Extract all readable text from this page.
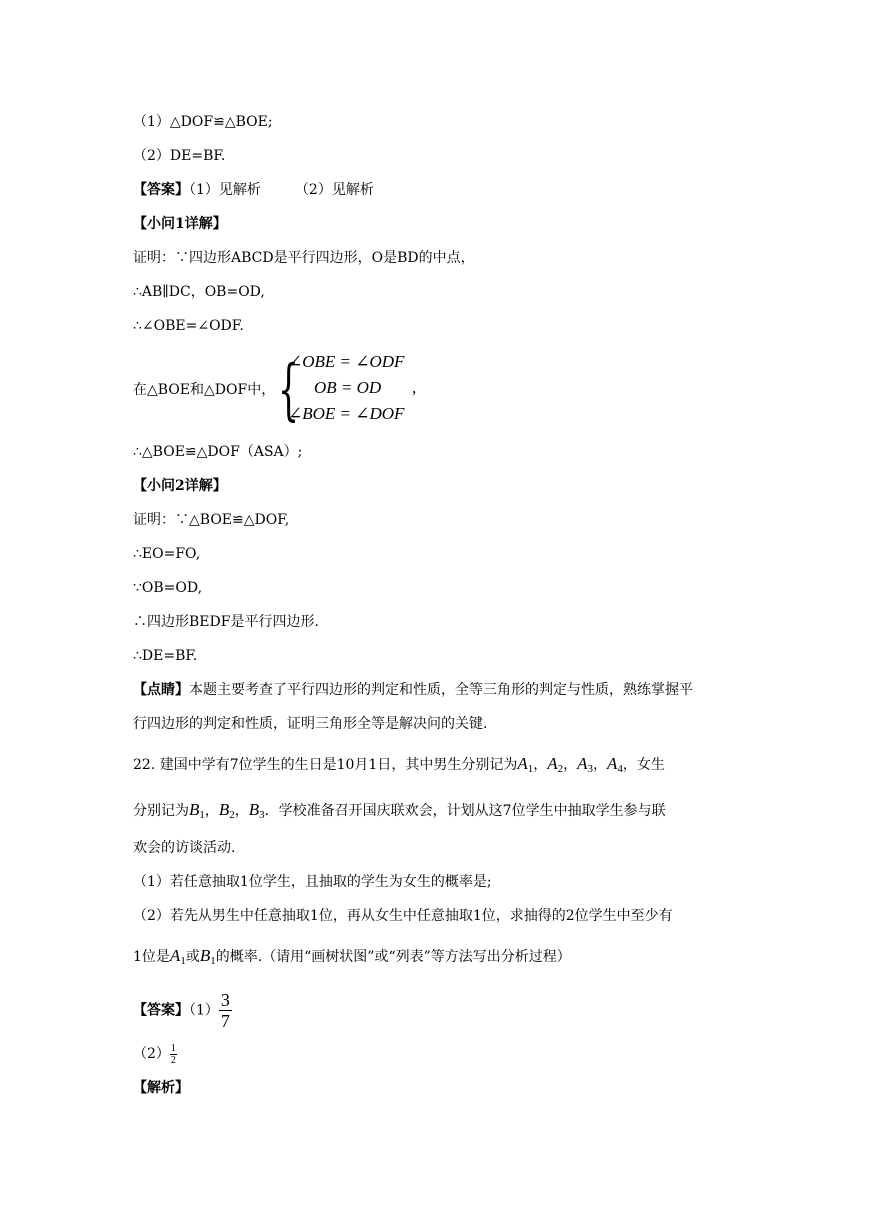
（1）△DOF≌△BOE;
（2）DE=BF.
【答案】（1）见解析 （2）见解析
【小问1详解】
证明：∵四边形ABCD是平行四边形，O是BD的中点，
∴AB∥DC，OB=OD,
∴∠OBE=∠ODF.
在△BOE和△DOF中， {
∠OBE = ∠ODF
OB = OD
∠BOE = ∠DOF
,
∴△BOE≌△DOF（ASA）;
【小问2详解】
证明：∵△BOE≌△DOF,
∴EO=FO,
∵OB=OD,
∴四边形BEDF是平行四边形.
∴DE=BF.
【点睛】本题主要考查了平行四边形的判定和性质，全等三角形的判定与性质，熟练掌握平
行四边形的判定和性质，证明三角形全等是解决问的关键.
22. 建国中学有7位学生的生日是10月1日，其中男生分别记为$A_1$，$A_2$，$A_3$，$A_4$，女生
分别记为$B_1$，$B_2$，$B_3$．学校准备召开国庆联欢会，计划从这7位学生中抽取学生参与联
欢会的访谈活动.
（1）若任意抽取1位学生，且抽取的学生为女生的概率是;
（2）若先从男生中任意抽取1位，再从女生中任意抽取1位，求抽得的2位学生中至少有
1位是$A_1$或$B_1$的概率.（请用“画树状图”或“列表”等方法写出分析过程）
【答案】$(1) \frac{3}{7}$
$(2) \frac{1}{2}$
【解析】
